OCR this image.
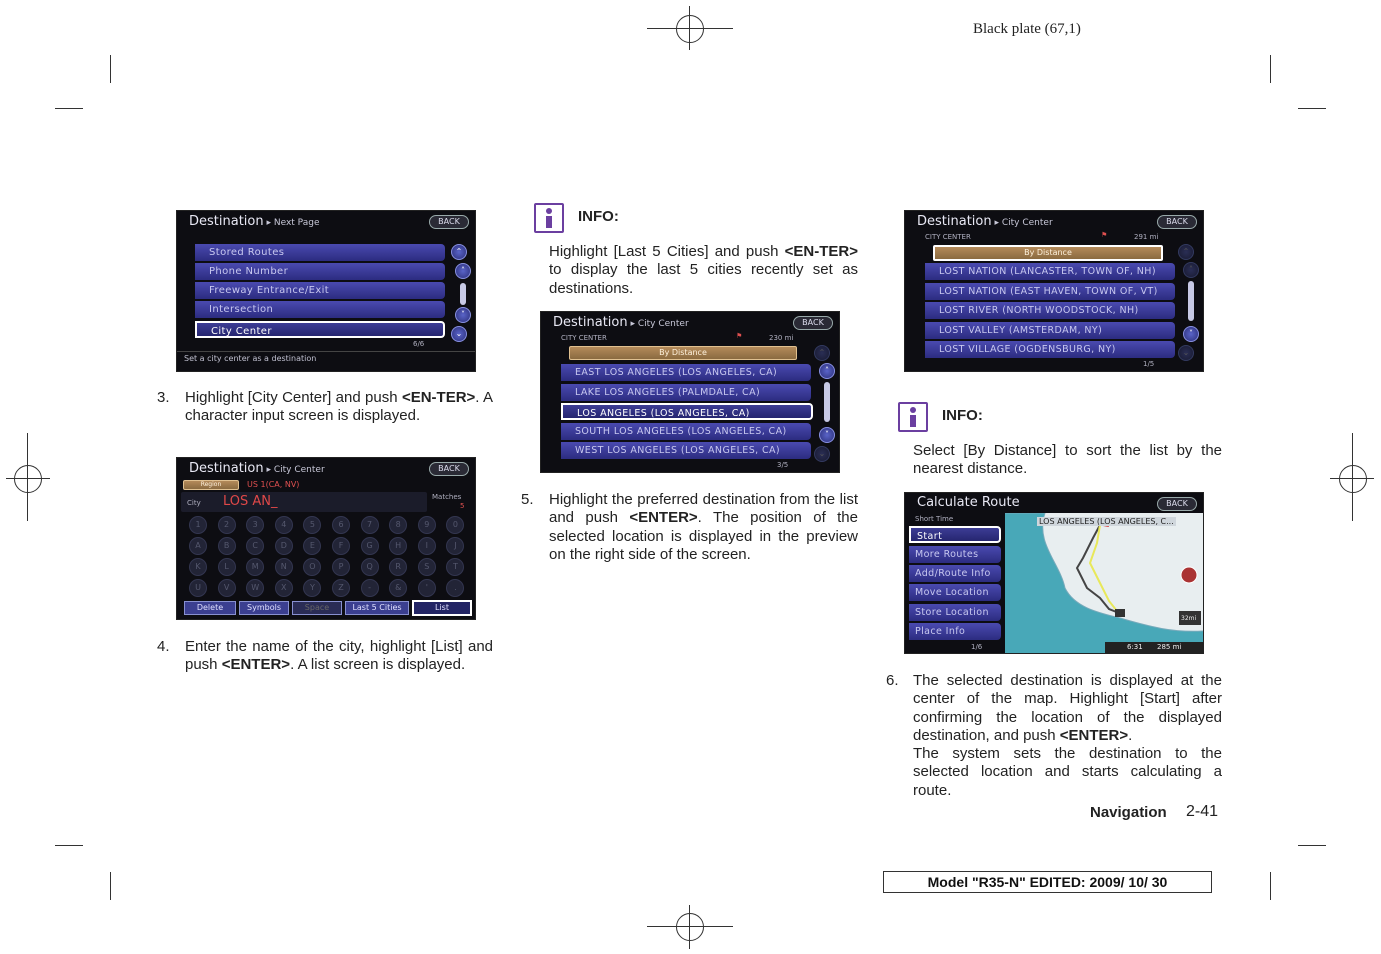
Black plate (67,1)
Destination ▸ Next Page	BACK
Stored Routes
Phone Number
Freeway Entrance/Exit
Intersection
City Center
⌃
˄
˅
⌄
6/6
Set a city center as a destination
3. Highlight [City Center] and push <EN-TER>. A character input screen is displayed.
Destination ▸ City Center	BACK
Region	US 1(CA, NV)
City LOS AN_	Matches
5
1	2	3	4	5	6	7	8	9	0
A	B	C	D	E	F	G	H	I	J
K	L	M	N	O	P	Q	R	S	T
U	V	W	X	Y	Z	-	&	'	.
Delete	Symbols	Space	Last 5 Cities	List
4. Enter the name of the city, highlight [List] and push <ENTER>. A list screen is displayed.
INFO:
Highlight [Last 5 Cities] and push <EN-TER> to display the last 5 cities recently set as destinations.
Destination ▸ City Center	BACK
CITY CENTER	⚑	230 mi
By Distance
EAST LOS ANGELES (LOS ANGELES, CA)
LAKE LOS ANGELES (PALMDALE, CA)
LOS ANGELES (LOS ANGELES, CA)
SOUTH LOS ANGELES (LOS ANGELES, CA)
WEST LOS ANGELES (LOS ANGELES, CA)
⌃
˄
˅
⌄
3/5
5. Highlight the preferred destination from the list and push <ENTER>. The position of the selected location is displayed in the preview on the right side of the screen.
Destination ▸ City Center	BACK
CITY CENTER	⚑	291 mi
By Distance
LOST NATION (LANCASTER, TOWN OF, NH)
LOST NATION (EAST HAVEN, TOWN OF, VT)
LOST RIVER (NORTH WOODSTOCK, NH)
LOST VALLEY (AMSTERDAM, NY)
LOST VILLAGE (OGDENSBURG, NY)
⌃
˄
˅
⌄
1/5
INFO:
Select [By Distance] to sort the list by the nearest distance.
Calculate Route	BACK
LOS ANGELES (LOS ANGELES, C...
32mi
6:31 285 mi
Short Time
Start
More Routes
Add/Route Info
Move Location
Store Location
Place Info
1/6
6. The selected destination is displayed at the center of the map. Highlight [Start] after confirming the location of the displayed destination, and push <ENTER>.
The system sets the destination to the selected location and starts calculating a route.
Navigation 2-41
Model "R35-N" EDITED: 2009/ 10/ 30
